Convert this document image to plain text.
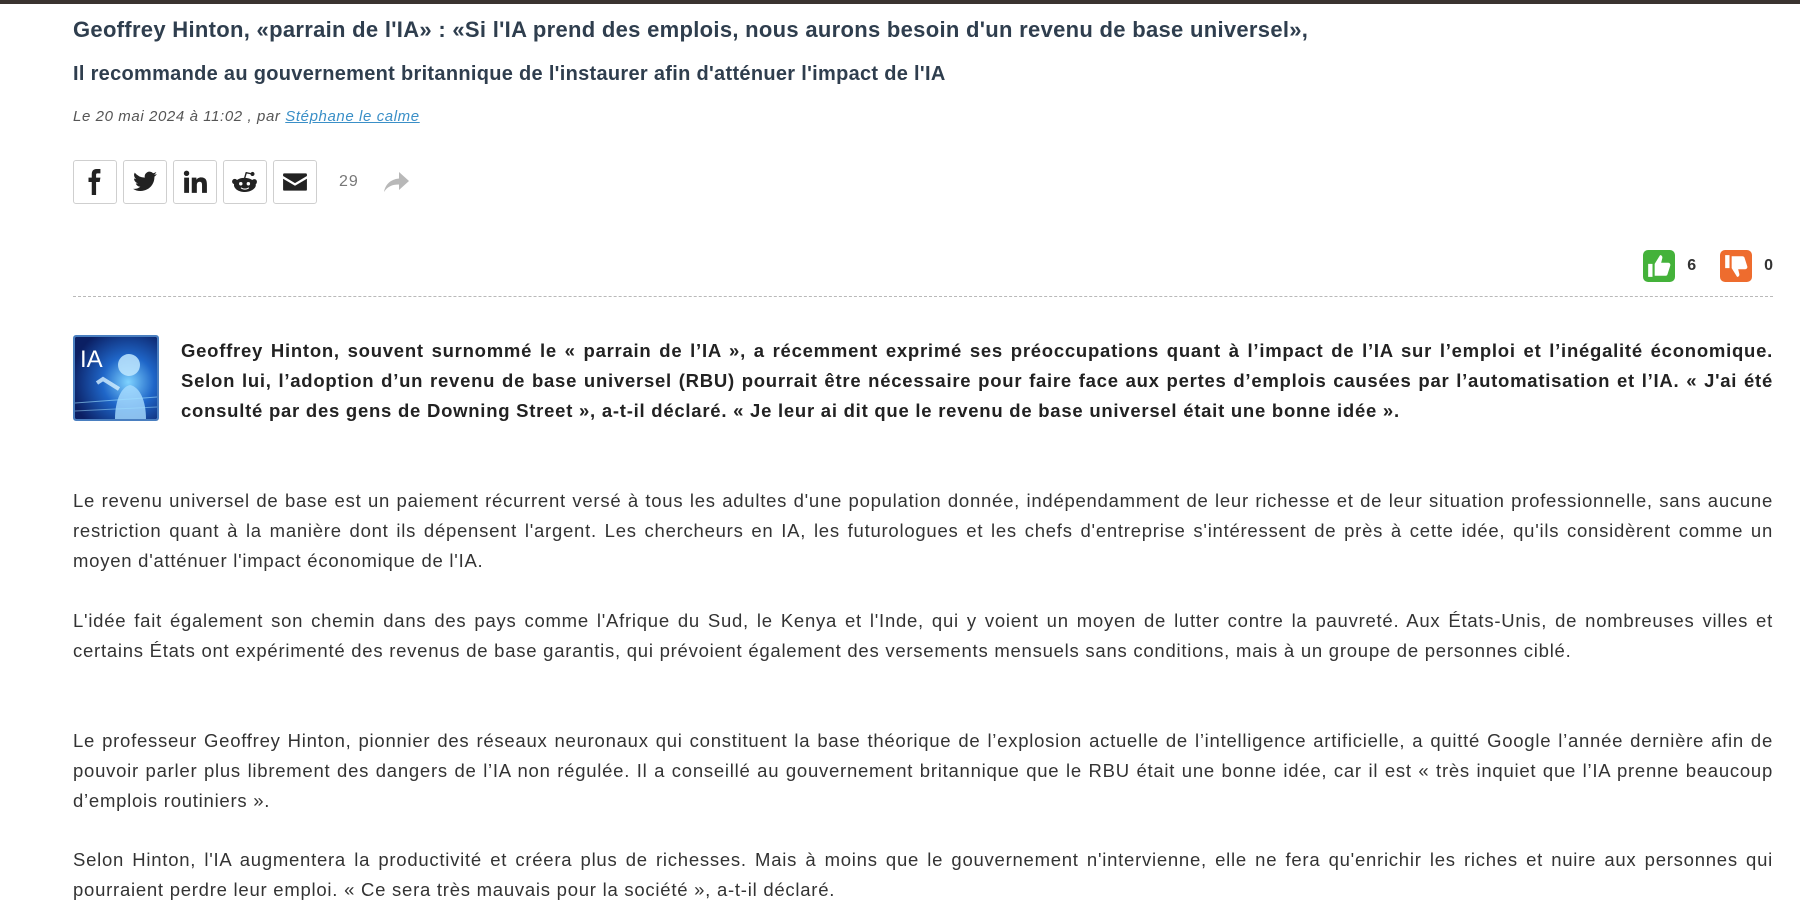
Geoffrey Hinton, «parrain de l'IA» : «Si l'IA prend des emplois, nous aurons besoin d'un revenu de base universel»,
Il recommande au gouvernement britannique de l'instaurer afin d'atténuer l'impact de l'IA
Le 20 mai 2024 à 11:02 , par Stéphane le calme
29
6	0
IA	Geoffrey Hinton, souvent surnommé le « parrain de l’IA », a récemment exprimé ses préoccupations quant à l’impact de l’IA sur l’emploi et l’inégalité économique. Selon lui, l’adoption d’un revenu de base universel (RBU) pourrait être nécessaire pour faire face aux pertes d’emplois causées par l’automatisation et l’IA. « J'ai été consulté par des gens de Downing Street », a-t-il déclaré. « Je leur ai dit que le revenu de base universel était une bonne idée ».

Le revenu universel de base est un paiement récurrent versé à tous les adultes d'une population donnée, indépendamment de leur richesse et de leur situation professionnelle, sans aucune restriction quant à la manière dont ils dépensent l'argent. Les chercheurs en IA, les futurologues et les chefs d'entreprise s'intéressent de près à cette idée, qu'ils considèrent comme un moyen d'atténuer l'impact économique de l'IA.

L'idée fait également son chemin dans des pays comme l'Afrique du Sud, le Kenya et l'Inde, qui y voient un moyen de lutter contre la pauvreté. Aux États-Unis, de nombreuses villes et certains États ont expérimenté des revenus de base garantis, qui prévoient également des versements mensuels sans conditions, mais à un groupe de personnes ciblé.

Le professeur Geoffrey Hinton, pionnier des réseaux neuronaux qui constituent la base théorique de l’explosion actuelle de l’intelligence artificielle, a quitté Google l’année dernière afin de pouvoir parler plus librement des dangers de l’IA non régulée. Il a conseillé au gouvernement britannique que le RBU était une bonne idée, car il est « très inquiet que l’IA prenne beaucoup d’emplois routiniers ».

Selon Hinton, l'IA augmentera la productivité et créera plus de richesses. Mais à moins que le gouvernement n'intervienne, elle ne fera qu'enrichir les riches et nuire aux personnes qui pourraient perdre leur emploi. « Ce sera très mauvais pour la société », a-t-il déclaré.
